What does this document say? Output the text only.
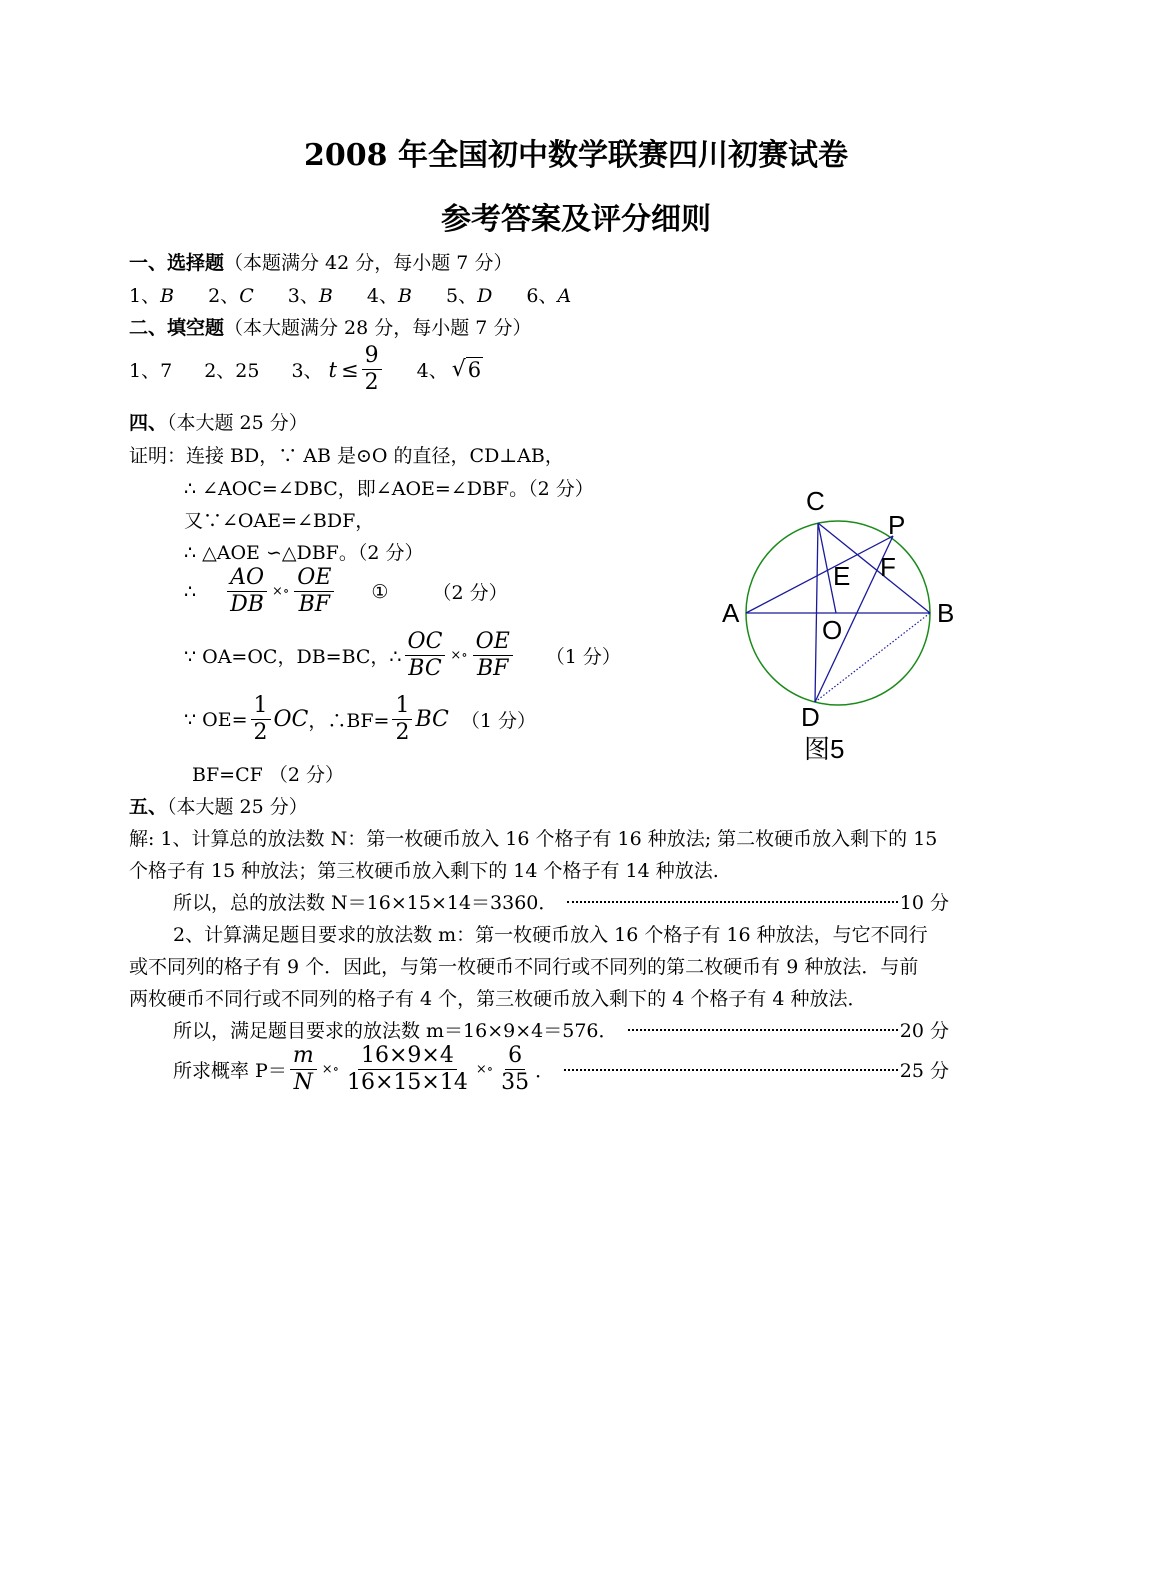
2008 年全国初中数学联赛四川初赛试卷
参考答案及评分细则
一、选择题（本题满分 42 分，每小题 7 分）
1、B 2、C 3、B 4、B 5、D 6、A
二、填空题（本大题满分 28 分，每小题 7 分）
1、7 2、25 3、 $t \le \frac{9}{2} 4$、 √ 6
四、（本大题 25 分）
证明：连接 BD，∵ AB 是⊙O 的直径，CD⊥AB，
∴ ∠AOC=∠DBC，即∠AOE=∠DBF。（2 分）
又∵∠OAE=∠BDF，
∴ △AOE ∽△DBF。（2 分）
∴ $\frac{AO}{DB}$ ×∘ $\frac{OE}{BF}$ ① （2 分）
∵ OA=OC，DB=BC，∴ $\frac{OC}{BC}$ ×∘ $\frac{OE}{BF} (1$ 分）
∵ $OE= \frac{1}{2}$ OC ，∴BF= $\frac{1}{2}$ BC （1 分）
BF=CF （2 分）
C
P
E F
A	B
O
D
图5
五、（本大题 25 分）
解: 1、计算总的放法数 N：第一枚硬币放入 16 个格子有 16 种放法; 第二枚硬币放入剩下的 15
个格子有 15 种放法；第三枚硬币放入剩下的 14 个格子有 14 种放法.
所以，总的放法数 N＝16×15×14＝3360．	10 分
2、计算满足题目要求的放法数 m：第一枚硬币放入 16 个格子有 16 种放法，与它不同行
或不同列的格子有 9 个．因此，与第一枚硬币不同行或不同列的第二枚硬币有 9 种放法．与前
两枚硬币不同行或不同列的格子有 4 个，第三枚硬币放入剩下的 4 个格子有 4 种放法．
所以，满足题目要求的放法数 m＝16×9×4＝576．	20 分
所求概率 $P= \frac{m}{N}$ ×∘ $\frac{16\times 9\times 4}{16\times 15\times 14}$ ×∘ $\frac{6}{35}$ ．	25 分
